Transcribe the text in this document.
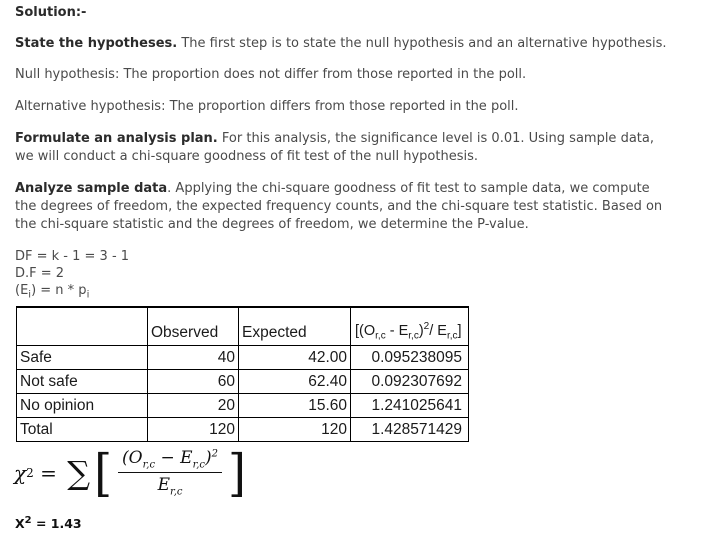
Solution:-
State the hypotheses. The first step is to state the null hypothesis and an alternative hypothesis.
Null hypothesis: The proportion does not differ from those reported in the poll.
Alternative hypothesis: The proportion differs from those reported in the poll.
Formulate an analysis plan. For this analysis, the significance level is 0.01. Using sample data, we will conduct a chi-square goodness of fit test of the null hypothesis.
Analyze sample data. Applying the chi-square goodness of fit test to sample data, we compute the degrees of freedom, the expected frequency counts, and the chi-square test statistic. Based on the chi-square statistic and the degrees of freedom, we determine the P-value.
DF = k - 1 = 3 - 1
D.F = 2
$(E_i) = n * p_i$
	Observed	Expected	[$(O_{r,c} - E_{r,c})^2/$ $E_{r,c}$]
Safe	40	42.00	0.095238095
Not safe	60	62.40	0.092307692
No opinion	20	15.60	1.241025641
Total	120	120	1.428571429
χ 2 = ∑ [ $\frac{(O_{r,c} - E_{r,c})^2}{E_{r,c}}$ ]
$X^2 = 1.43$
